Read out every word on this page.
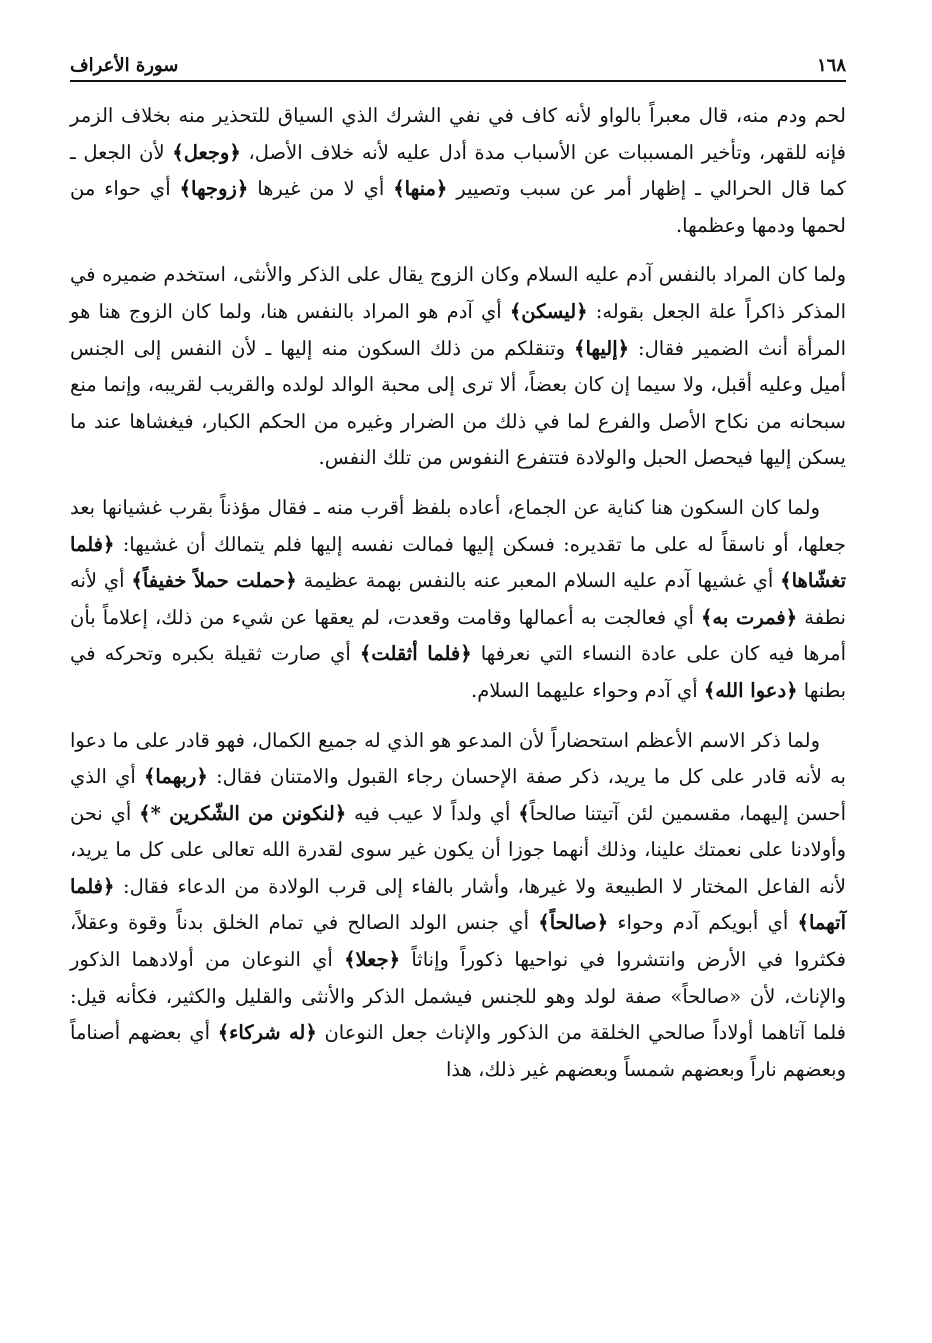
١٦٨
سورة الأعراف

لحم ودم منه، قال معبراً بالواو لأنه كاف في نفي الشرك الذي السياق للتحذير منه بخلاف الزمر فإنه للقهر، وتأخير المسببات عن الأسباب مدة أدل عليه لأنه خلاف الأصل، ﴿وجعل﴾ لأن الجعل ـ كما قال الحرالي ـ إظهار أمر عن سبب وتصيير ﴿منها﴾ أي لا من غيرها ﴿زوجها﴾ أي حواء من لحمها ودمها وعظمها.

ولما كان المراد بالنفس آدم عليه السلام وكان الزوج يقال على الذكر والأنثى، استخدم ضميره في المذكر ذاكراً علة الجعل بقوله: ﴿ليسكن﴾ أي آدم هو المراد بالنفس هنا، ولما كان الزوج هنا هو المرأة أنث الضمير فقال: ﴿إليها﴾ وتنقلكم من ذلك السكون منه إليها ـ لأن النفس إلى الجنس أميل وعليه أقبل، ولا سيما إن كان بعضاً، ألا ترى إلى محبة الوالد لولده والقريب لقريبه، وإنما منع سبحانه من نكاح الأصل والفرع لما في ذلك من الضرار وغيره من الحكم الكبار، فيغشاها عند ما يسكن إليها فيحصل الحبل والولادة فتتفرع النفوس من تلك النفس.

ولما كان السكون هنا كناية عن الجماع، أعاده بلفظ أقرب منه ـ فقال مؤذناً بقرب غشيانها بعد جعلها، أو ناسقاً له على ما تقديره: فسكن إليها فمالت نفسه إليها فلم يتمالك أن غشيها: ﴿فلما تغشّاها﴾ أي غشيها آدم عليه السلام المعبر عنه بالنفس بهمة عظيمة ﴿حملت حملاً خفيفاً﴾ أي لأنه نطفة ﴿فمرت به﴾ أي فعالجت به أعمالها وقامت وقعدت، لم يعقها عن شيء من ذلك، إعلاماً بأن أمرها فيه كان على عادة النساء التي نعرفها ﴿فلما أثقلت﴾ أي صارت ثقيلة بكبره وتحركه في بطنها ﴿دعوا الله﴾ أي آدم وحواء عليهما السلام.

ولما ذكر الاسم الأعظم استحضاراً لأن المدعو هو الذي له جميع الكمال، فهو قادر على ما دعوا به لأنه قادر على كل ما يريد، ذكر صفة الإحسان رجاء القبول والامتنان فقال: ﴿ربهما﴾ أي الذي أحسن إليهما، مقسمين لئن آتيتنا صالحاً﴾ أي ولداً لا عيب فيه ﴿لنكونن من الشّكرين *﴾ أي نحن وأولادنا على نعمتك علينا، وذلك أنهما جوزا أن يكون غير سوى لقدرة الله تعالى على كل ما يريد، لأنه الفاعل المختار لا الطبيعة ولا غيرها، وأشار بالفاء إلى قرب الولادة من الدعاء فقال: ﴿فلما آتهما﴾ أي أبويكم آدم وحواء ﴿صالحاً﴾ أي جنس الولد الصالح في تمام الخلق بدناً وقوة وعقلاً، فكثروا في الأرض وانتشروا في نواحيها ذكوراً وإناثاً ﴿جعلا﴾ أي النوعان من أولادهما الذكور والإناث، لأن «صالحاً» صفة لولد وهو للجنس فيشمل الذكر والأنثى والقليل والكثير، فكأنه قيل: فلما آتاهما أولاداً صالحي الخلقة من الذكور والإناث جعل النوعان ﴿له شركاء﴾ أي بعضهم أصناماً وبعضهم ناراً وبعضهم شمساً وبعضهم غير ذلك، هذا
